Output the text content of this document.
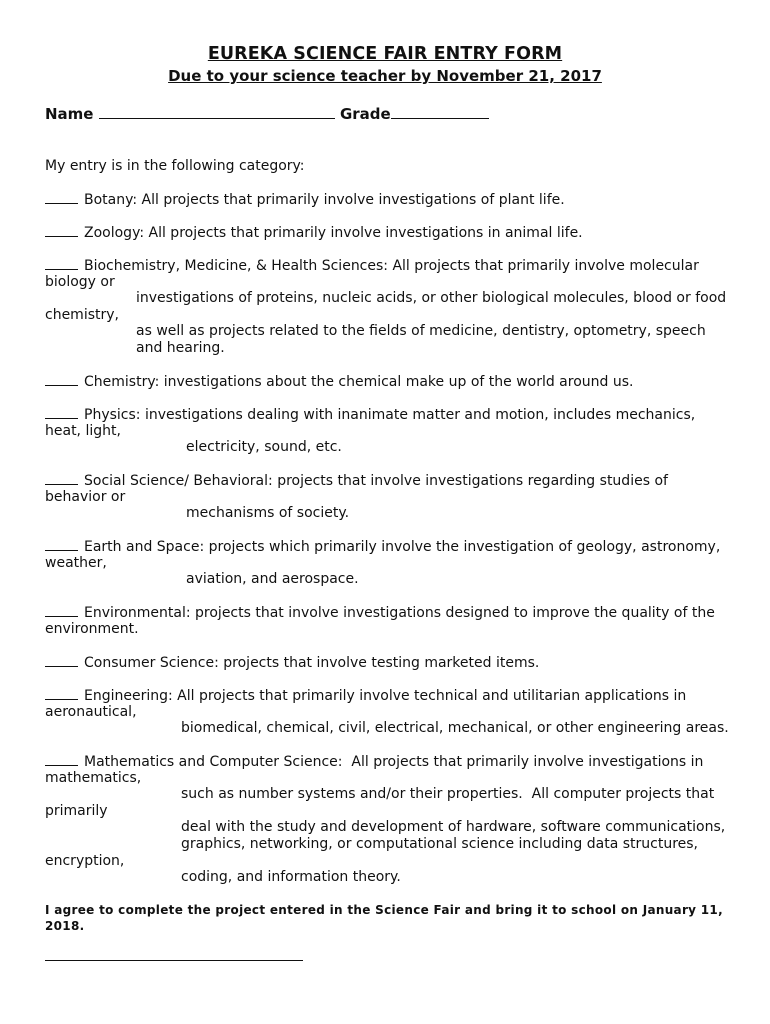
EUREKA SCIENCE FAIR ENTRY FORM
Due to your science teacher by November 21, 2017
Name	Grade
My entry is in the following category:
Botany: All projects that primarily involve investigations of plant life.
Zoology: All projects that primarily involve investigations in animal life.
Biochemistry, Medicine, & Health Sciences: All projects that primarily involve molecular
biology or
investigations of proteins, nucleic acids, or other biological molecules, blood or food
chemistry,
as well as projects related to the fields of medicine, dentistry, optometry, speech
and hearing.
Chemistry: investigations about the chemical make up of the world around us.
Physics: investigations dealing with inanimate matter and motion, includes mechanics,
heat, light,
electricity, sound, etc.
Social Science/ Behavioral: projects that involve investigations regarding studies of
behavior or
mechanisms of society.
Earth and Space: projects which primarily involve the investigation of geology, astronomy,
weather,
aviation, and aerospace.
Environmental: projects that involve investigations designed to improve the quality of the
environment.
Consumer Science: projects that involve testing marketed items.
Engineering: All projects that primarily involve technical and utilitarian applications in
aeronautical,
biomedical, chemical, civil, electrical, mechanical, or other engineering areas.
Mathematics and Computer Science:  All projects that primarily involve investigations in
mathematics,
such as number systems and/or their properties.  All computer projects that
primarily
deal with the study and development of hardware, software communications,
graphics, networking, or computational science including data structures,
encryption,
coding, and information theory.
I agree to complete the project entered in the Science Fair and bring it to school on January 11, 2018.
